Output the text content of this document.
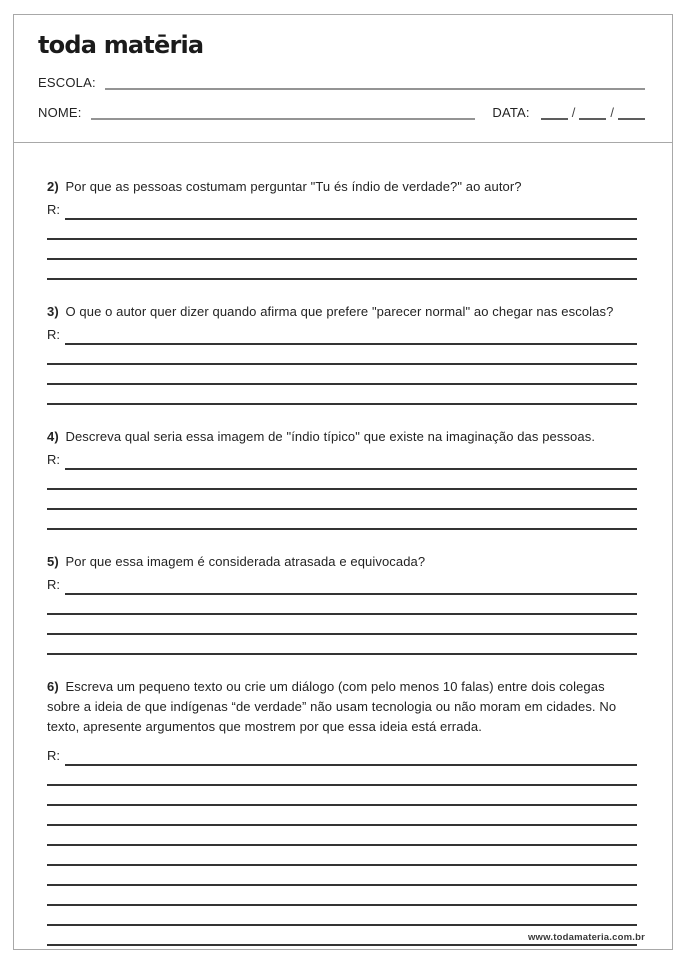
toda matēria
ESCOLA:
NOME:	DATA:	/	/

2) Por que as pessoas costumam perguntar "Tu és índio de verdade?" ao autor?

R:

3) O que o autor quer dizer quando afirma que prefere "parecer normal" ao chegar nas escolas?

R:

4) Descreva qual seria essa imagem de "índio típico" que existe na imaginação das pessoas.

R:

5) Por que essa imagem é considerada atrasada e equivocada?

R:

6) Escreva um pequeno texto ou crie um diálogo (com pelo menos 10 falas) entre dois colegas sobre a ideia de que indígenas “de verdade” não usam tecnologia ou não moram em cidades. No texto, apresente argumentos que mostrem por que essa ideia está errada.

R:
www.todamateria.com.br
